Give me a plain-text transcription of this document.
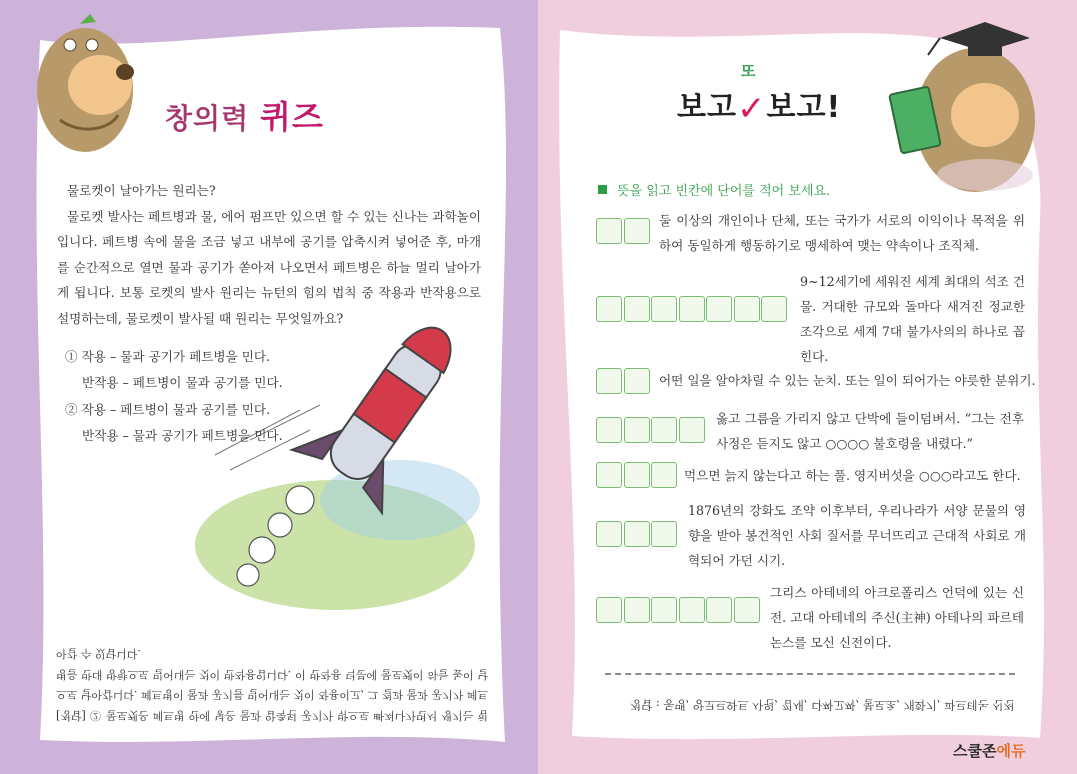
창의력 퀴즈

물로켓이 날아가는 원리는?

물로켓 발사는 페트병과 물, 에어 펌프만 있으면 할 수 있는 신나는 과학놀이입니다. 페트병 속에 물을 조금 넣고 내부에 공기를 압축시켜 넣어준 후, 마개를 순간적으로 열면 물과 공기가 쏟아져 나오면서 페트병은 하늘 멀리 날아가게 됩니다. 보통 로켓의 발사 원리는 뉴턴의 힘의 법칙 중 작용과 반작용으로 설명하는데, 물로켓이 발사될 때 원리는 무엇일까요?

① 작용 – 물과 공기가 페트병을 민다.
반작용 – 페트병이 물과 공기를 민다.
② 작용 – 페트병이 물과 공기를 민다.
반작용 – 물과 공기가 페트병을 민다.

[정답] ② 물로켓은 페트병 안에 넣은 물과 압축된 공기가 밖으로 빠져나가면서 생기는 힘으로 날아갑니다. 페트병이 물과 공기를 밀어내는 것이 작용이고, 그 결과 물과 공기가 페트병을 반대 방향으로 밀어내는 것이 반작용입니다. 이 반작용 덕분에 물로켓이 하늘 높이 날아갈 수 있답니다.

또
보고✓보고!
뜻을 읽고 빈칸에 단어를 적어 보세요.
둘 이상의 개인이나 단체, 또는 국가가 서로의 이익이나 목적을 위하여 동일하게 행동하기로 맹세하여 맺는 약속이나 조직체.
9~12세기에 세워진 세계 최대의 석조 건물. 거대한 규모와 돌마다 새겨진 정교한 조각으로 세계 7대 불가사의의 하나로 꼽힌다.
어떤 일을 알아차릴 수 있는 눈치. 또는 일이 되어가는 야릇한 분위기.
옳고 그름을 가리지 않고 단박에 들이덤벼서. “그는 전후 사정은 듣지도 않고 ○○○○ 불호령을 내렸다.”
먹으면 늙지 않는다고 하는 풀. 영지버섯을 ○○○라고도 한다.
1876년의 강화도 조약 이후부터, 우리나라가 서양 문물의 영향을 받아 봉건적인 사회 질서를 무너뜨리고 근대적 사회로 개혁되어 가던 시기.
그리스 아테네의 아크로폴리스 언덕에 있는 신전. 고대 아테네의 주신(主神) 아테나의 파르테논스를 모신 신전이다.
정답 : 동맹, 앙코르와트 사원, 낌새, 다짜고짜, 불로초, 개화기, 파르테논 신전
스쿨존에듀
